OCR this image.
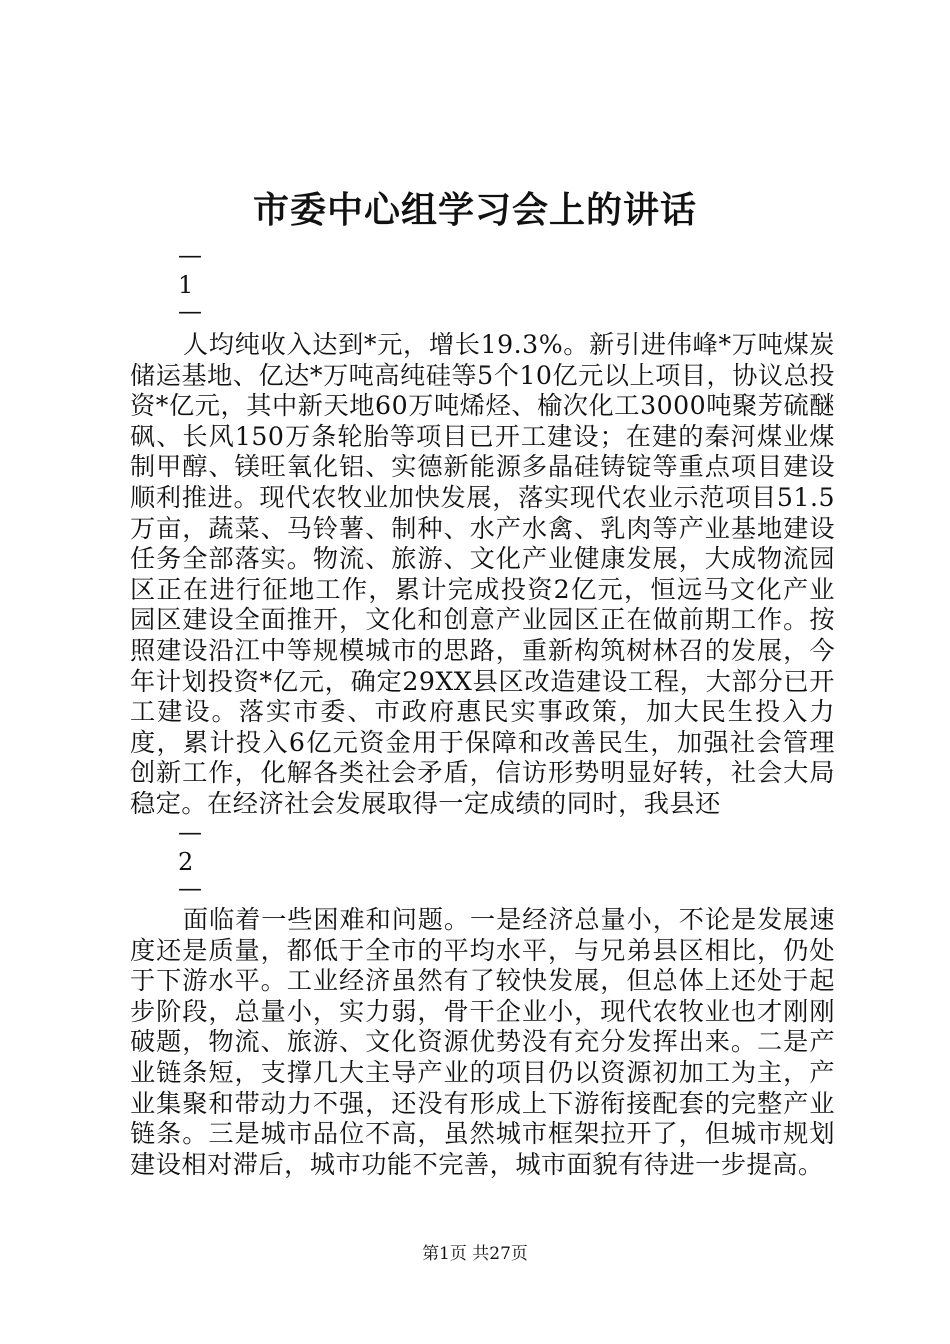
市委中心组学习会上的讲话
—
1
—

人均纯收入达到*元，增长19.3%。新引进伟峰*万吨煤炭储运基地、亿达*万吨高纯硅等5个10亿元以上项目，协议总投资*亿元，其中新天地60万吨烯烃、榆次化工3000吨聚芳硫醚砜、长风150万条轮胎等项目已开工建设；在建的秦河煤业煤制甲醇、镁旺氧化铝、实德新能源多晶硅铸锭等重点项目建设顺利推进。现代农牧业加快发展，落实现代农业示范项目51.5万亩，蔬菜、马铃薯、制种、水产水禽、乳肉等产业基地建设任务全部落实。物流、旅游、文化产业健康发展，大成物流园区正在进行征地工作，累计完成投资2亿元，恒远马文化产业园区建设全面推开，文化和创意产业园区正在做前期工作。按照建设沿江中等规模城市的思路，重新构筑树林召的发展，今年计划投资*亿元，确定29XX县区改造建设工程，大部分已开工建设。落实市委、市政府惠民实事政策，加大民生投入力度，累计投入6亿元资金用于保障和改善民生，加强社会管理创新工作，化解各类社会矛盾，信访形势明显好转，社会大局稳定。在经济社会发展取得一定成绩的同时，我县还

—
2
—

面临着一些困难和问题。一是经济总量小，不论是发展速度还是质量，都低于全市的平均水平，与兄弟县区相比，仍处于下游水平。工业经济虽然有了较快发展，但总体上还处于起步阶段，总量小，实力弱，骨干企业小，现代农牧业也才刚刚破题，物流、旅游、文化资源优势没有充分发挥出来。二是产业链条短，支撑几大主导产业的项目仍以资源初加工为主，产业集聚和带动力不强，还没有形成上下游衔接配套的完整产业链条。三是城市品位不高，虽然城市框架拉开了，但城市规划建设相对滞后，城市功能不完善，城市面貌有待进一步提高。

第1页 共27页
